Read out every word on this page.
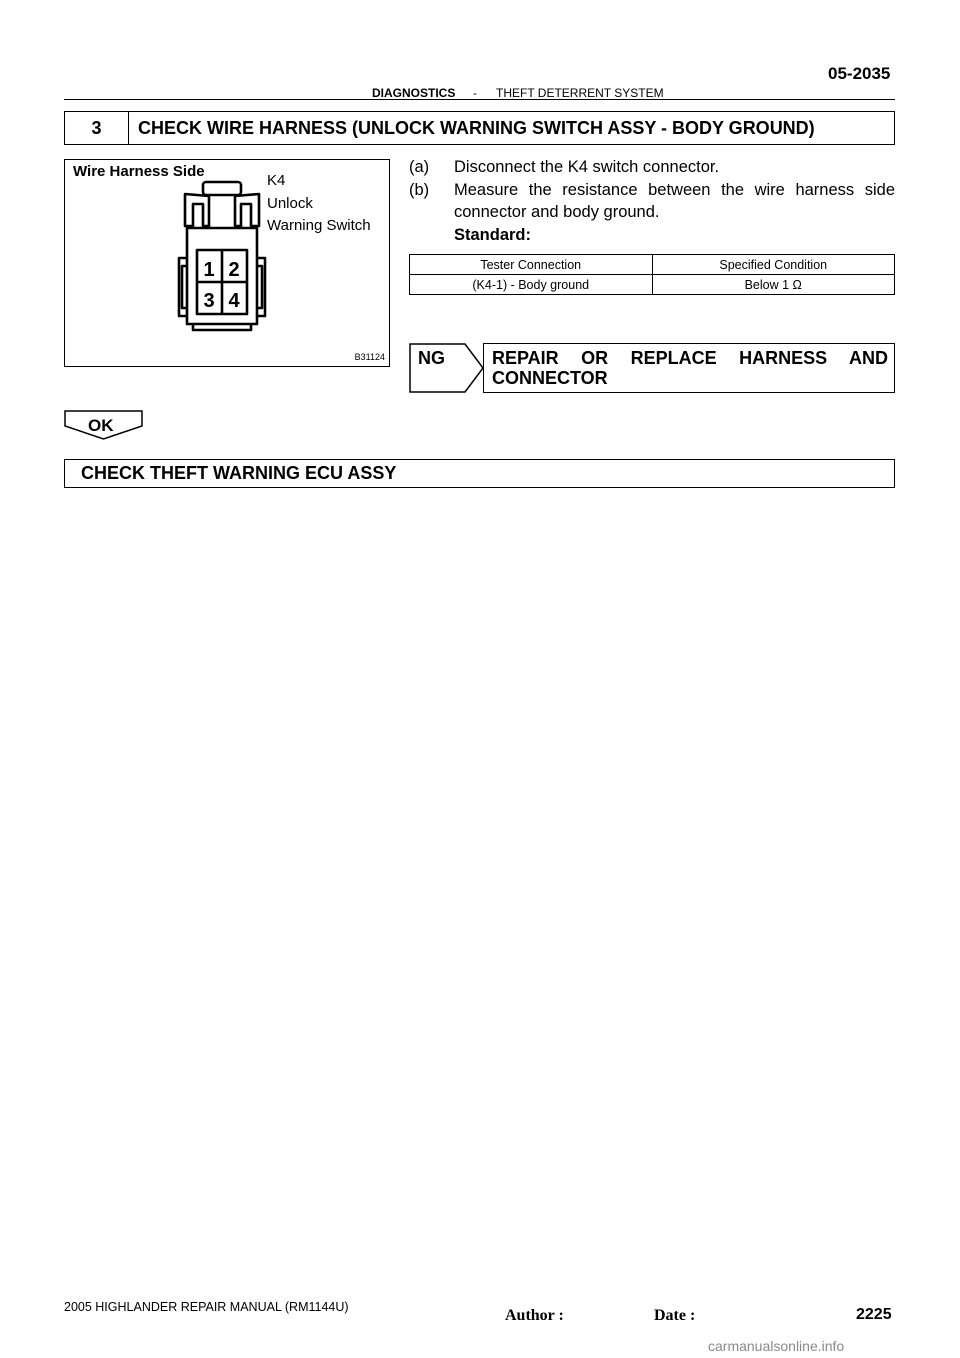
05-2035
DIAGNOSTICS - THEFT DETERRENT SYSTEM
3	CHECK WIRE HARNESS (UNLOCK WARNING SWITCH ASSY - BODY GROUND)
Wire Harness Side
K4
Unlock
Warning Switch
1 2
3 4
B31124
(a) Disconnect the K4 switch connector.
(b) Measure the resistance between the wire harness side
connector and body ground.
Standard:
Tester Connection	Specified Condition
(K4-1) - Body ground	Below 1 Ω
NG	REPAIR OR REPLACE HARNESS AND
CONNECTOR
OK
CHECK THEFT WARNING ECU ASSY
2005 HIGHLANDER REPAIR MANUAL (RM1144U)	Author :	Date :	2225
carmanualsonline.info
